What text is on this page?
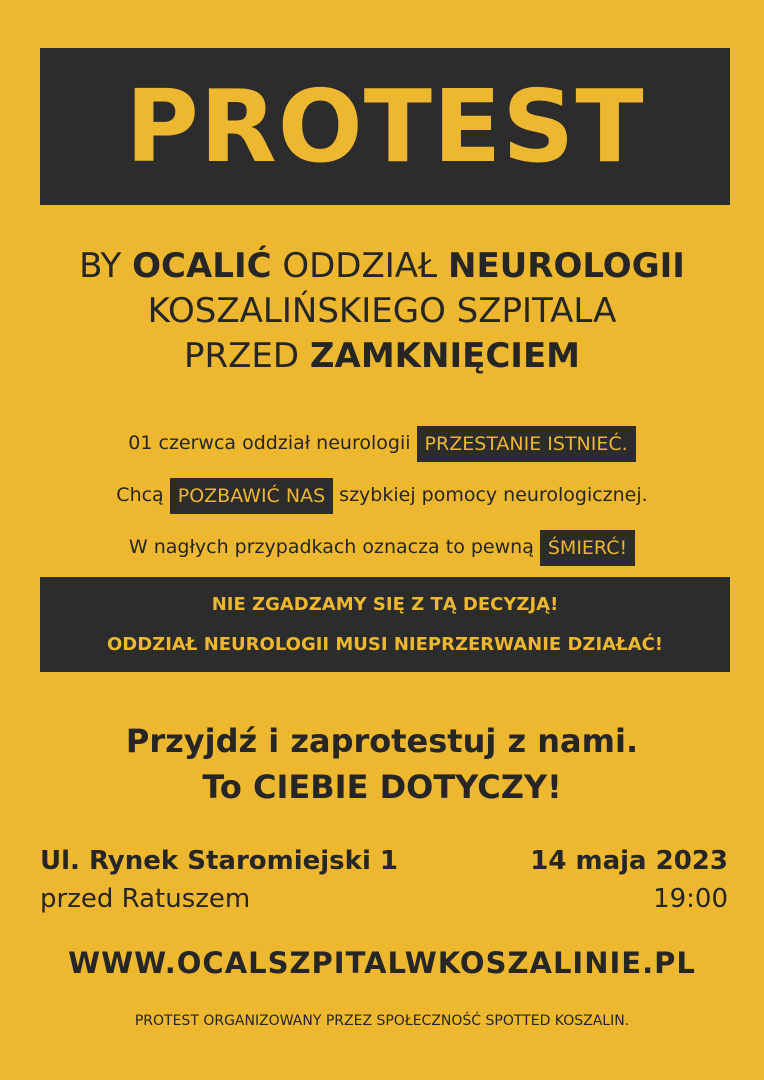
PROTEST
BY OCALIĆ ODDZIAŁ NEUROLOGII
KOSZALIŃSKIEGO SZPITALA
PRZED ZAMKNIĘCIEM
01 czerwca oddział neurologii PRZESTANIE ISTNIEĆ.
Chcą POZBAWIĆ NAS szybkiej pomocy neurologicznej.
W nagłych przypadkach oznacza to pewną ŚMIERĆ!
NIE ZGADZAMY SIĘ Z TĄ DECYZJĄ!
ODDZIAŁ NEUROLOGII MUSI NIEPRZERWANIE DZIAŁAĆ!
Przyjdź i zaprotestuj z nami.
To CIEBIE DOTYCZY!
Ul. Rynek Staromiejski 1
przed Ratuszem
14 maja 2023
19:00
WWW.OCALSZPITALWKOSZALINIE.PL
PROTEST ORGANIZOWANY PRZEZ SPOŁECZNOŚĆ SPOTTED KOSZALIN.
